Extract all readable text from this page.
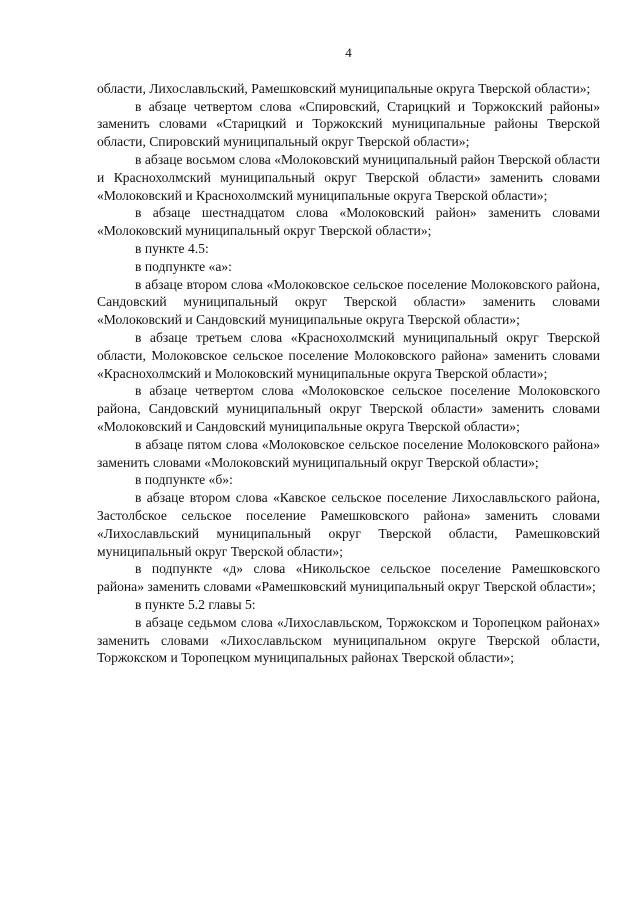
4

области, Лихославльский, Рамешковский муниципальные округа Тверской области»;

в абзаце четвертом слова «Спировский, Старицкий и Торжокский районы» заменить словами «Старицкий и Торжокский муниципальные районы Тверской области, Спировский муниципальный округ Тверской области»;

в абзаце восьмом слова «Молоковский муниципальный район Тверской области и Краснохолмский муниципальный округ Тверской области» заменить словами «Молоковский и Краснохолмский муниципальные округа Тверской области»;

в абзаце шестнадцатом слова «Молоковский район» заменить словами «Молоковский муниципальный округ Тверской области»;

в пункте 4.5:

в подпункте «а»:

в абзаце втором слова «Молоковское сельское поселение Молоковского района, Сандовский муниципальный округ Тверской области» заменить словами «Молоковский и Сандовский муниципальные округа Тверской области»;

в абзаце третьем слова «Краснохолмский муниципальный округ Тверской области, Молоковское сельское поселение Молоковского района» заменить словами «Краснохолмский и Молоковский муниципальные округа Тверской области»;

в абзаце четвертом слова «Молоковское сельское поселение Молоковского района, Сандовский муниципальный округ Тверской области» заменить словами «Молоковский и Сандовский муниципальные округа Тверской области»;

в абзаце пятом слова «Молоковское сельское поселение Молоковского района» заменить словами «Молоковский муниципальный округ Тверской области»;

в подпункте «б»:

в абзаце втором слова «Кавское сельское поселение Лихославльского района, Застолбское сельское поселение Рамешковского района» заменить словами «Лихославльский муниципальный округ Тверской области, Рамешковский муниципальный округ Тверской области»;

в подпункте «д» слова «Никольское сельское поселение Рамешковского района» заменить словами «Рамешковский муниципальный округ Тверской области»;

в пункте 5.2 главы 5:

в абзаце седьмом слова «Лихославльском, Торжокском и Торопецком районах» заменить словами «Лихославльском муниципальном округе Тверской области, Торжокском и Торопецком муниципальных районах Тверской области»;
